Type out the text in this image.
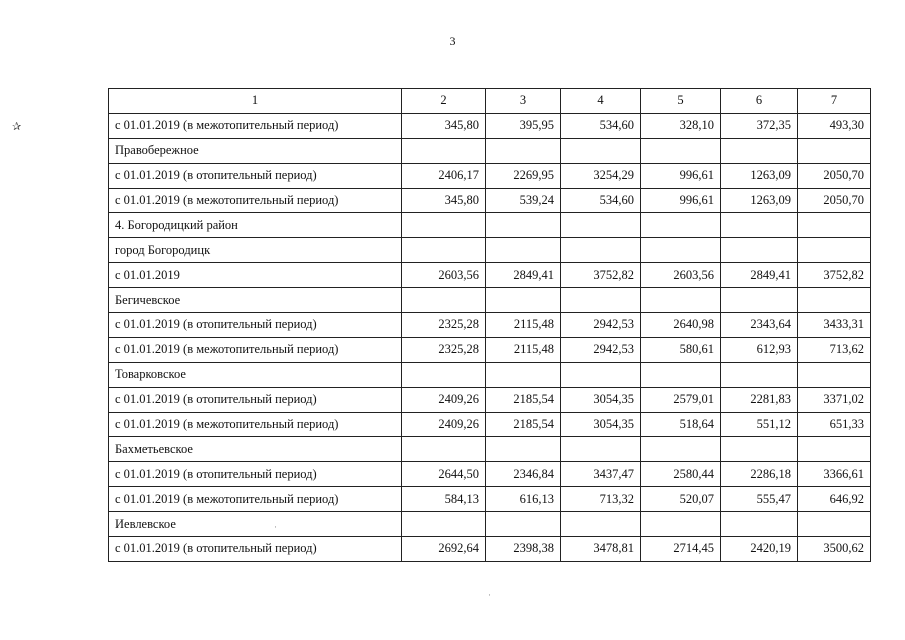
3
✰
1	2	3	4	5	6	7
с 01.01.2019 (в межотопительный период)	345,80	395,95	534,60	328,10	372,35	493,30
Правобережное						
с 01.01.2019 (в отопительный период)	2406,17	2269,95	3254,29	996,61	1263,09	2050,70
с 01.01.2019 (в межотопительный период)	345,80	539,24	534,60	996,61	1263,09	2050,70
4. Богородицкий район						
город Богородицк						
с 01.01.2019	2603,56	2849,41	3752,82	2603,56	2849,41	3752,82
Бегичевское						
с 01.01.2019 (в отопительный период)	2325,28	2115,48	2942,53	2640,98	2343,64	3433,31
с 01.01.2019 (в межотопительный период)	2325,28	2115,48	2942,53	580,61	612,93	713,62
Товарковское						
с 01.01.2019 (в отопительный период)	2409,26	2185,54	3054,35	2579,01	2281,83	3371,02
с 01.01.2019 (в межотопительный период)	2409,26	2185,54	3054,35	518,64	551,12	651,33
Бахметьевское						
с 01.01.2019 (в отопительный период)	2644,50	2346,84	3437,47	2580,44	2286,18	3366,61
с 01.01.2019 (в межотопительный период)	584,13	616,13	713,32	520,07	555,47	646,92
Иевлевское						
с 01.01.2019 (в отопительный период)	2692,64	2398,38	3478,81	2714,45	2420,19	3500,62
·
·
